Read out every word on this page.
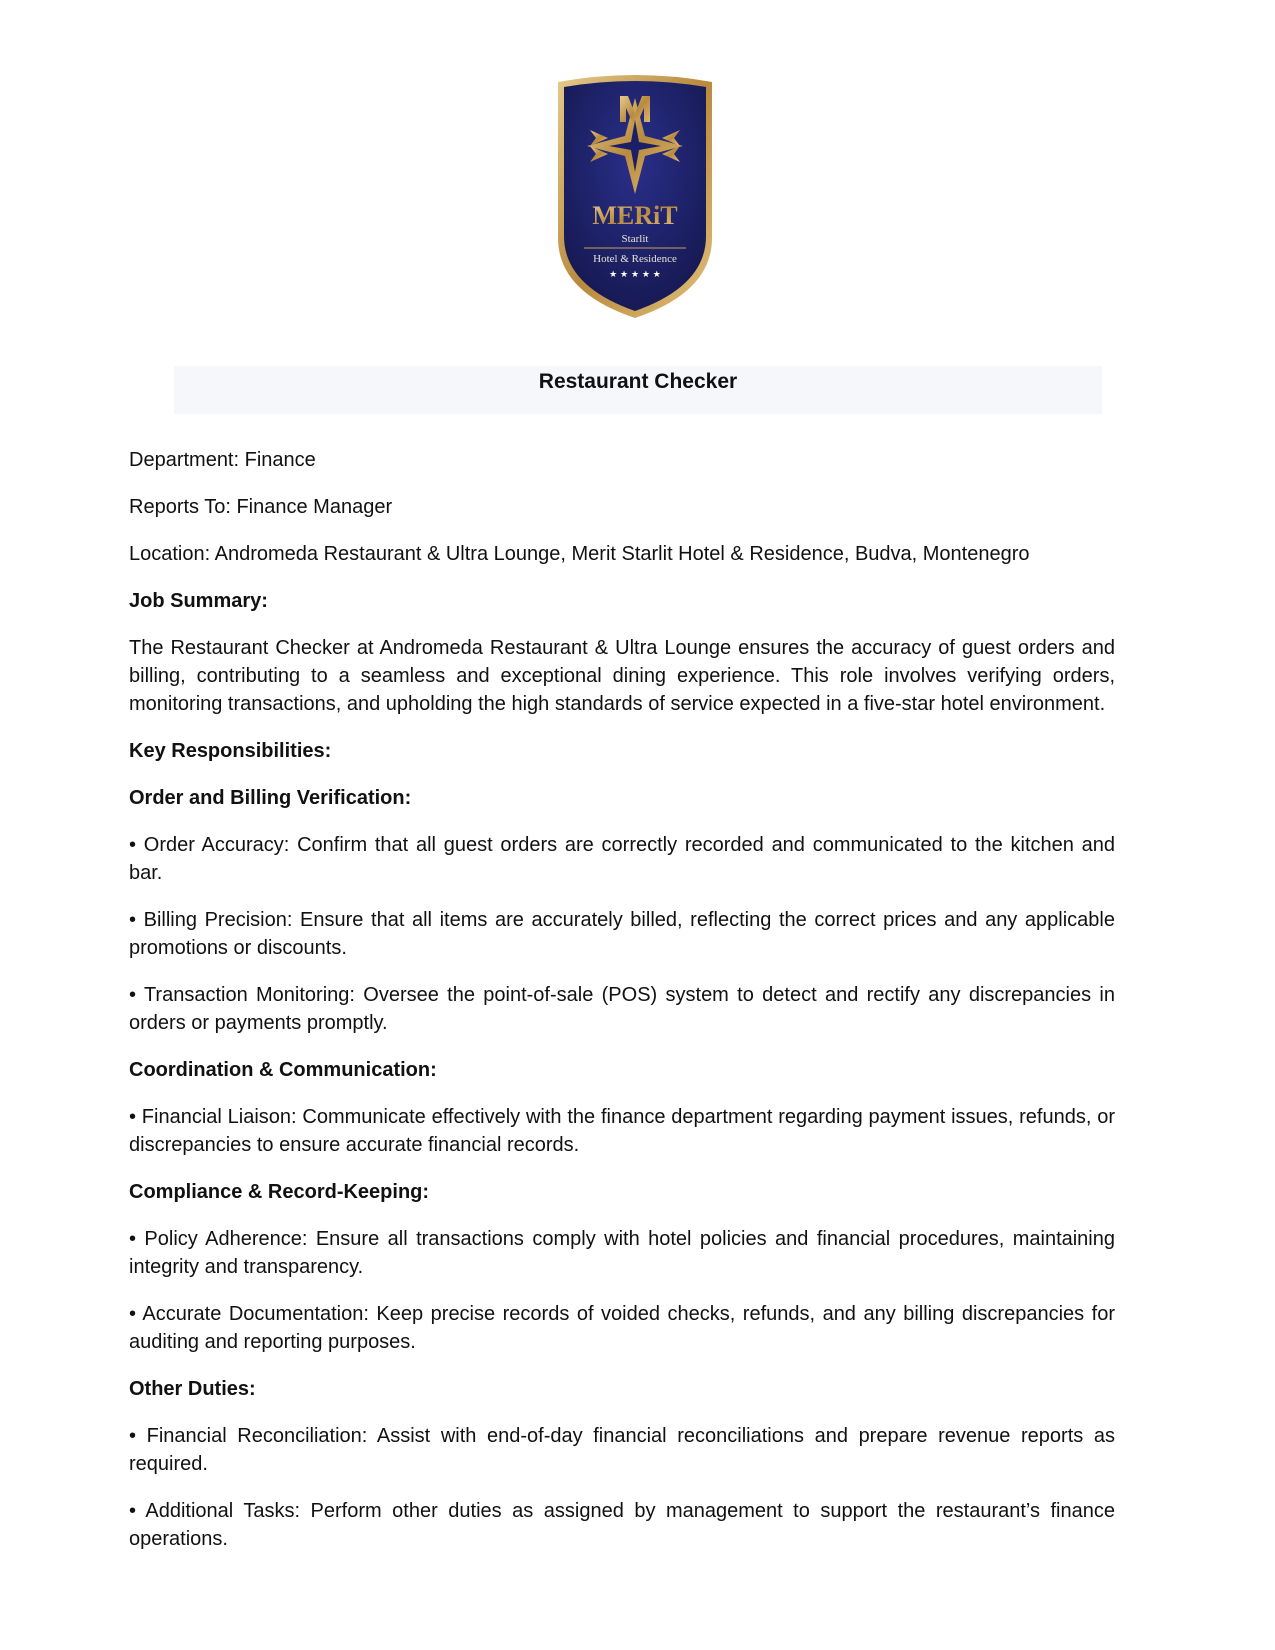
MERiT
Starlit
Hotel & Residence
★ ★ ★ ★ ★
Restaurant Checker

Department: Finance

Reports To: Finance Manager

Location: Andromeda Restaurant & Ultra Lounge, Merit Starlit Hotel & Residence, Budva, Montenegro

Job Summary:

The Restaurant Checker at Andromeda Restaurant & Ultra Lounge ensures the accuracy of guest orders and billing, contributing to a seamless and exceptional dining experience. This role involves verifying orders, monitoring transactions, and upholding the high standards of service expected in a five-star hotel environment.

Key Responsibilities:

Order and Billing Verification:

• Order Accuracy: Confirm that all guest orders are correctly recorded and communicated to the kitchen and bar.

• Billing Precision: Ensure that all items are accurately billed, reflecting the correct prices and any applicable promotions or discounts.

• Transaction Monitoring: Oversee the point-of-sale (POS) system to detect and rectify any discrepancies in orders or payments promptly.

Coordination & Communication:

• Financial Liaison: Communicate effectively with the finance department regarding payment issues, refunds, or discrepancies to ensure accurate financial records.

Compliance & Record-Keeping:

• Policy Adherence: Ensure all transactions comply with hotel policies and financial procedures, maintaining integrity and transparency.

• Accurate Documentation: Keep precise records of voided checks, refunds, and any billing discrepancies for auditing and reporting purposes.

Other Duties:

• Financial Reconciliation: Assist with end-of-day financial reconciliations and prepare revenue reports as required.

• Additional Tasks: Perform other duties as assigned by management to support the restaurant’s finance operations.
